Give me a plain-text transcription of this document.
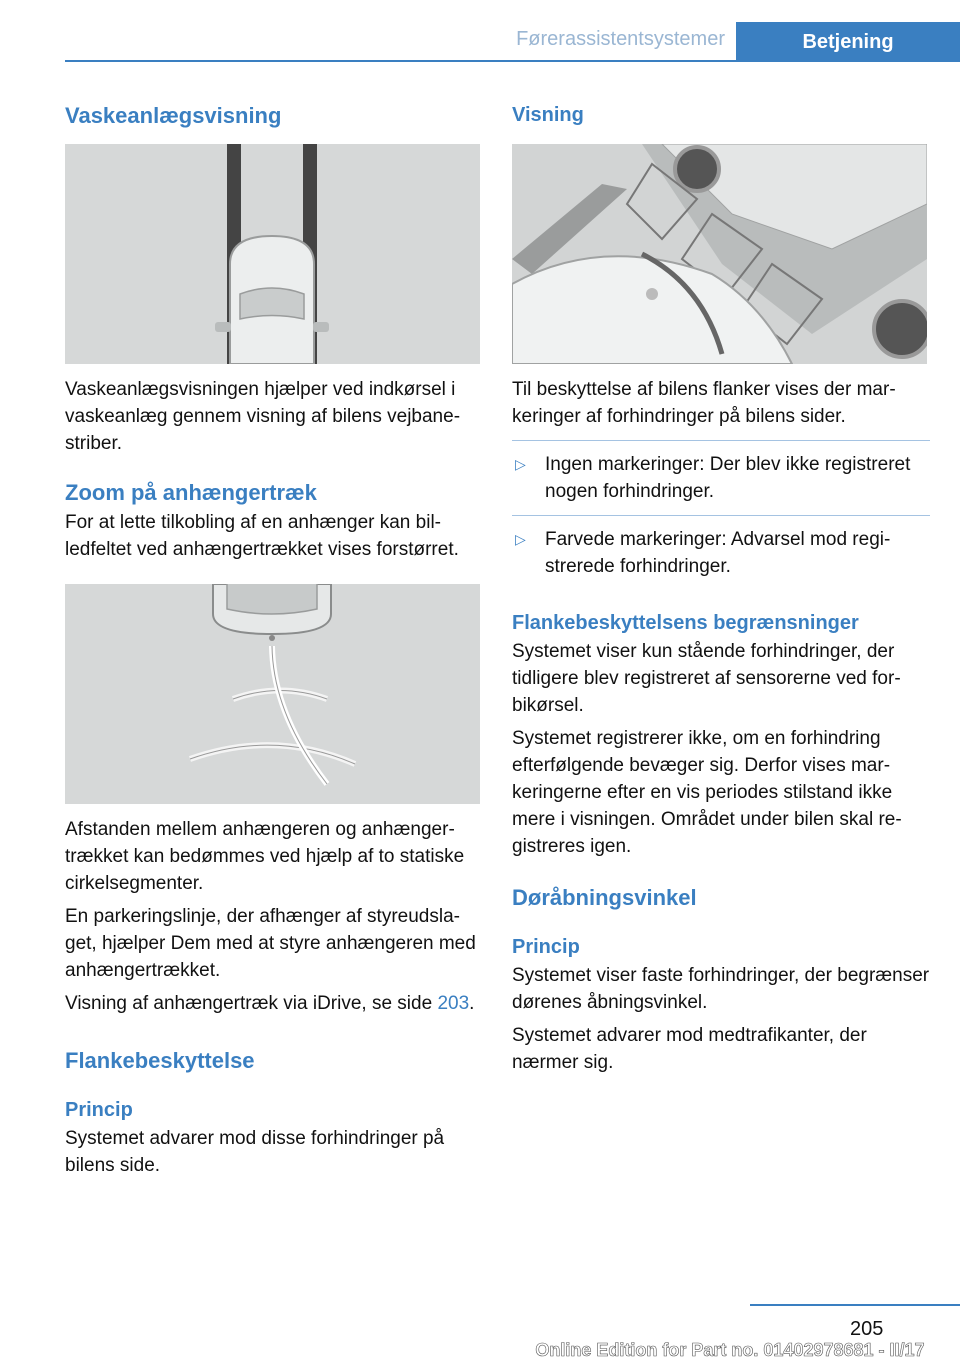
Førerassistentsystemer	Betjening
Vaskeanlægsvisning

Vaskeanlægsvisningen hjælper ved indkørsel i vaskeanlæg gennem visning af bilens vejbanestriber.

Zoom på anhængertræk

For at lette tilkobling af en anhænger kan billedfeltet ved anhængertrækket vises forstørret.

Afstanden mellem anhængeren og anhængertrækket kan bedømmes ved hjælp af to statiske cirkelsegmenter.

En parkeringslinje, der afhænger af styreudslaget, hjælper Dem med at styre anhængeren med anhængertrækket.

Visning af anhængertræk via iDrive, se side 203.

Flankebeskyttelse
Princip

Systemet advarer mod disse forhindringer på bilens side.

Visning

Til beskyttelse af bilens flanker vises der markeringer af forhindringer på bilens sider.

▷ Ingen markeringer: Der blev ikke registreret nogen forhindringer.
▷ Farvede markeringer: Advarsel mod registrerede forhindringer.
Flankebeskyttelsens begrænsninger

Systemet viser kun stående forhindringer, der tidligere blev registreret af sensorerne ved forbikørsel.

Systemet registrerer ikke, om en forhindring efterfølgende bevæger sig. Derfor vises markeringerne efter en vis periodes stilstand ikke mere i visningen. Området under bilen skal registreres igen.

Døråbningsvinkel
Princip

Systemet viser faste forhindringer, der begrænser dørenes åbningsvinkel.

Systemet advarer mod medtrafikanter, der nærmer sig.

205
Online Edition for Part no. 01402978681 - II/17
